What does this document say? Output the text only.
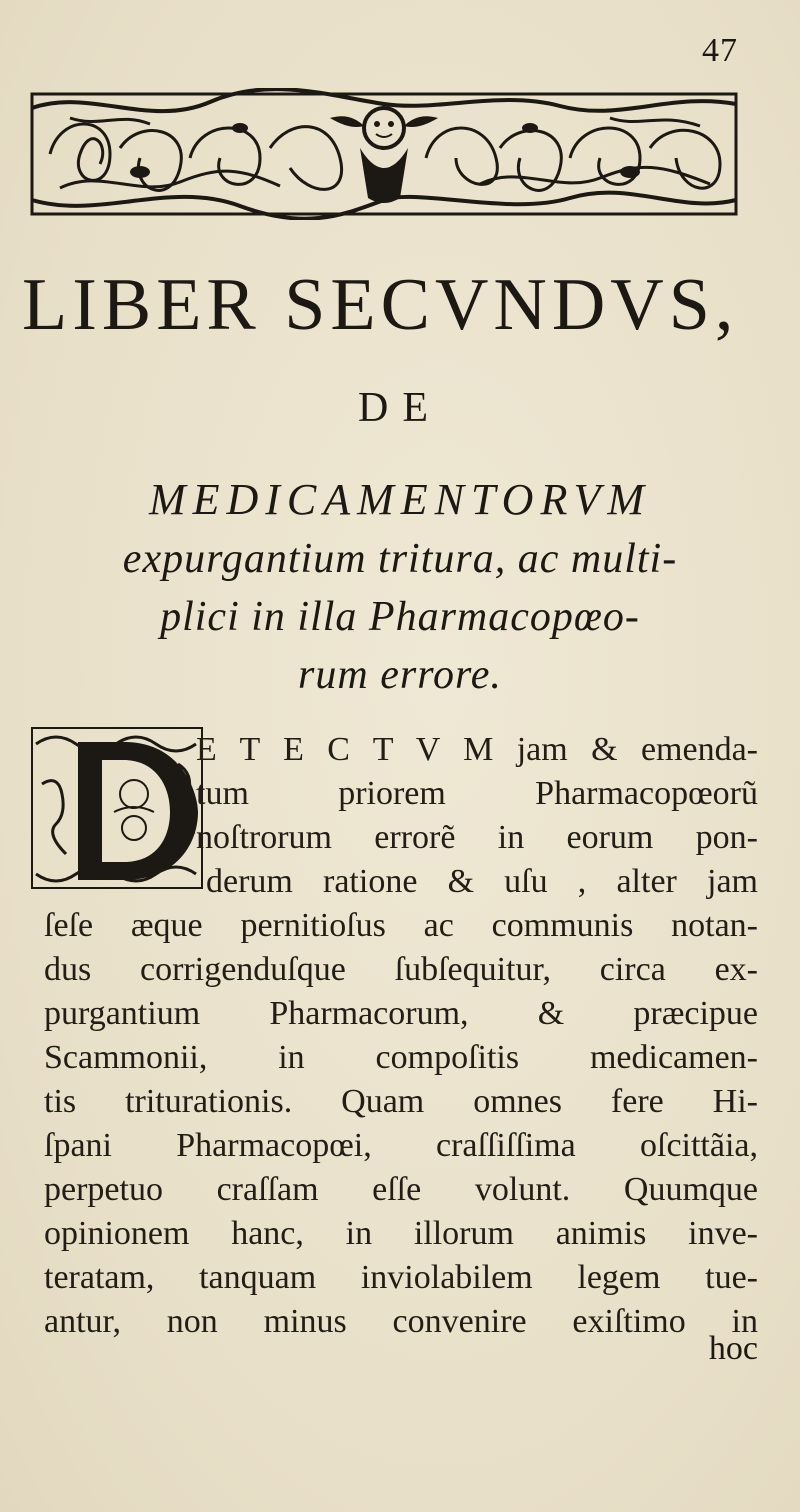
47
LIBER SECVNDVS,
DE
MEDICAMENTORVM
expurgantium tritura, ac multi-
plici in illa Pharmacopœo-
rum errore.
E T E C T V M jam & emenda-
tum priorem Pharmacopœorũ
noſtrorum errorẽ in eorum pon-
derum ratione & uſu , alter jam
ſeſe æque pernitioſus ac communis notan-
dus corrigenduſque ſubſequitur, circa ex-
purgantium Pharmacorum, & præcipue
Scammonii, in compoſitis medicamen-
tis triturationis. Quam omnes fere Hi-
ſpani Pharmacopœi, craſſiſſima oſcittãia,
perpetuo craſſam eſſe volunt. Quumque
opinionem hanc, in illorum animis inve-
teratam, tanquam inviolabilem legem tue-
antur, non minus convenire exiſtimo in
hoc
